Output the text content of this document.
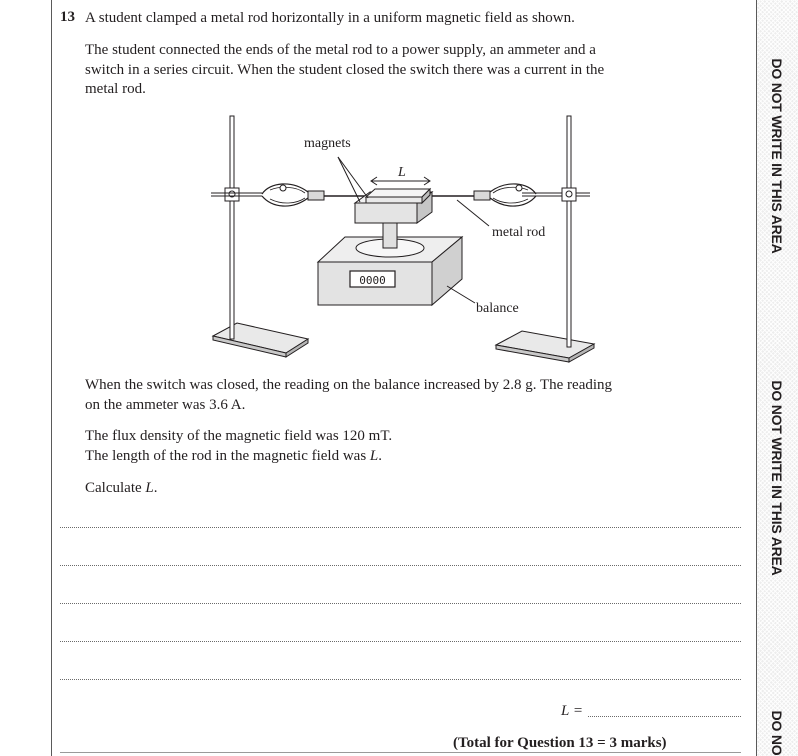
DO NOT WRITE IN THIS AREA
DO NOT WRITE IN THIS AREA
DO NO
13 A student clamped a metal rod horizontally in a uniform magnetic field as shown.
The student connected the ends of the metal rod to a power supply, an ammeter and a
switch in a series circuit. When the student closed the switch there was a current in the
metal rod.
magnets
L
metal rod
balance
0000
When the switch was closed, the reading on the balance increased by 2.8 g. The reading
on the ammeter was 3.6 A.
The flux density of the magnetic field was 120 mT.
The length of the rod in the magnetic field was L.
Calculate L.
L =
(Total for Question 13 = 3 marks)
